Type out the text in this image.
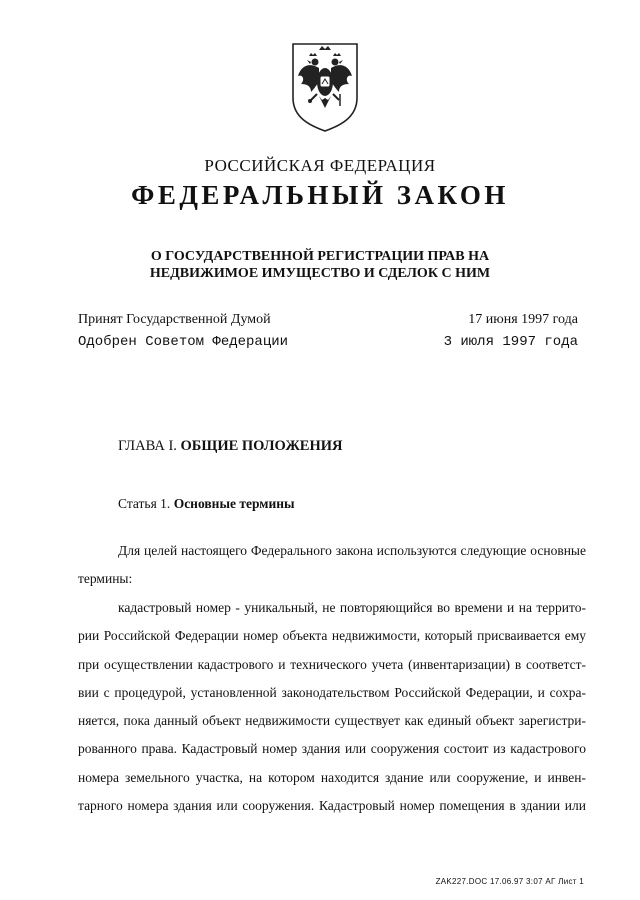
РОССИЙСКАЯ ФЕДЕРАЦИЯ
ФЕДЕРАЛЬНЫЙ ЗАКОН
О ГОСУДАРСТВЕННОЙ РЕГИСТРАЦИИ ПРАВ НА
НЕДВИЖИМОЕ ИМУЩЕСТВО И СДЕЛОК С НИМ
Принят Государственной Думой	17 июня 1997 года
Одобрен Советом Федерации	3 июля 1997 года
ГЛАВА I. ОБЩИЕ ПОЛОЖЕНИЯ
Статья 1. Основные термины
Для целей настоящего Федерального закона используются следующие основные
термины:
кадастровый номер - уникальный, не повторяющийся во времени и на террито-
рии Российской Федерации номер объекта недвижимости, который присваивается ему
при осуществлении кадастрового и технического учета (инвентаризации) в соответст-
вии с процедурой, установленной законодательством Российской Федерации, и сохра-
няется, пока данный объект недвижимости существует как единый объект зарегистри-
рованного права. Кадастровый номер здания или сооружения состоит из кадастрового
номера земельного участка, на котором находится здание или сооружение, и инвен-
тарного номера здания или сооружения. Кадастровый номер помещения в здании или
ZAK227.DOC 17.06.97 3:07 АГ Лист 1
